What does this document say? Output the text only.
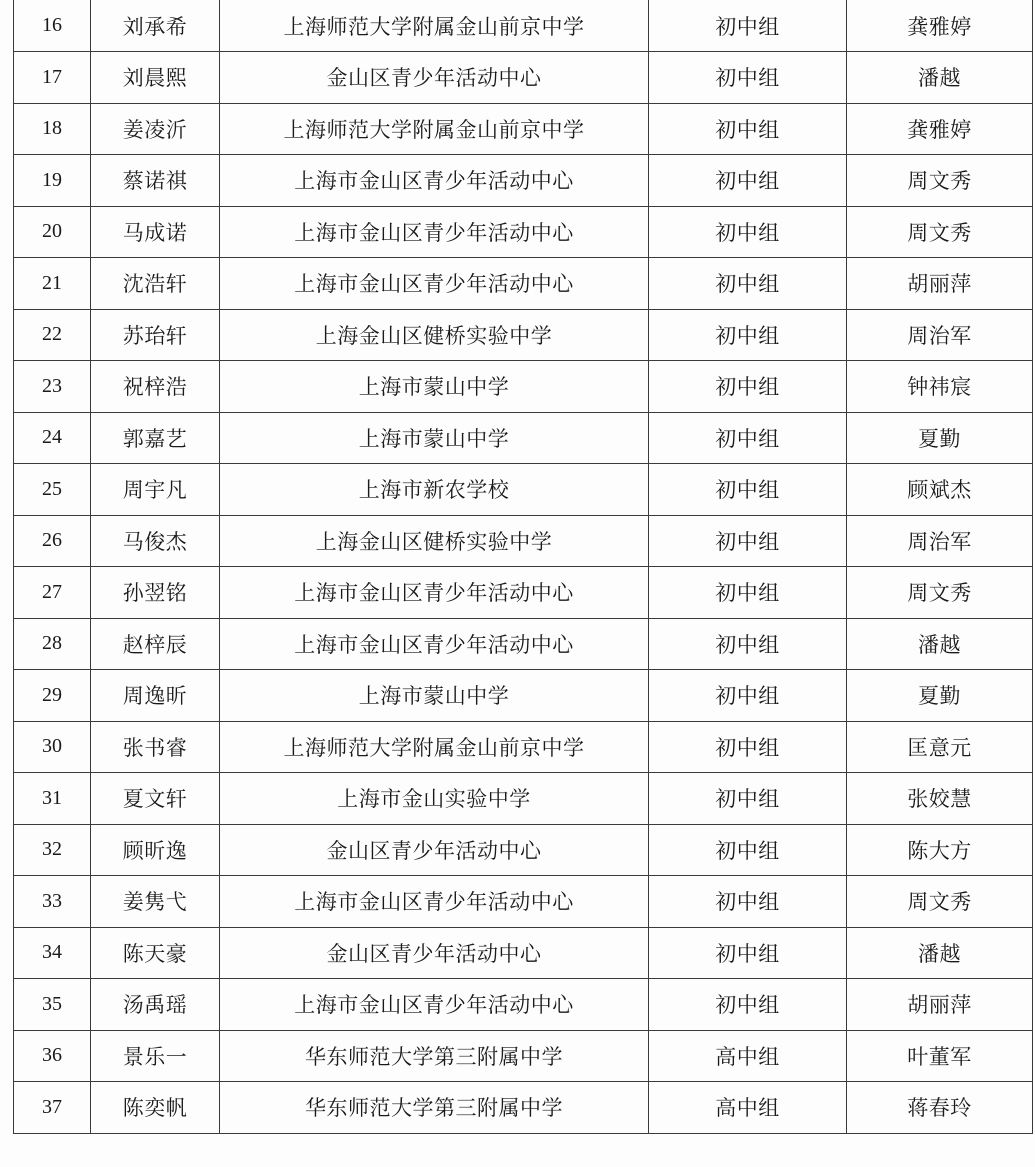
16	刘承希	上海师范大学附属金山前京中学	初中组	龚雅婷
17	刘晨熙	金山区青少年活动中心	初中组	潘越
18	姜凌沂	上海师范大学附属金山前京中学	初中组	龚雅婷
19	蔡诺祺	上海市金山区青少年活动中心	初中组	周文秀
20	马成诺	上海市金山区青少年活动中心	初中组	周文秀
21	沈浩轩	上海市金山区青少年活动中心	初中组	胡丽萍
22	苏珆轩	上海金山区健桥实验中学	初中组	周治军
23	祝梓浩	上海市蒙山中学	初中组	钟祎宸
24	郭嘉艺	上海市蒙山中学	初中组	夏勤
25	周宇凡	上海市新农学校	初中组	顾斌杰
26	马俊杰	上海金山区健桥实验中学	初中组	周治军
27	孙翌铭	上海市金山区青少年活动中心	初中组	周文秀
28	赵梓辰	上海市金山区青少年活动中心	初中组	潘越
29	周逸昕	上海市蒙山中学	初中组	夏勤
30	张书睿	上海师范大学附属金山前京中学	初中组	匡意元
31	夏文轩	上海市金山实验中学	初中组	张姣慧
32	顾昕逸	金山区青少年活动中心	初中组	陈大方
33	姜隽弋	上海市金山区青少年活动中心	初中组	周文秀
34	陈天豪	金山区青少年活动中心	初中组	潘越
35	汤禹瑶	上海市金山区青少年活动中心	初中组	胡丽萍
36	景乐一	华东师范大学第三附属中学	高中组	叶董军
37	陈奕帆	华东师范大学第三附属中学	高中组	蒋春玲
